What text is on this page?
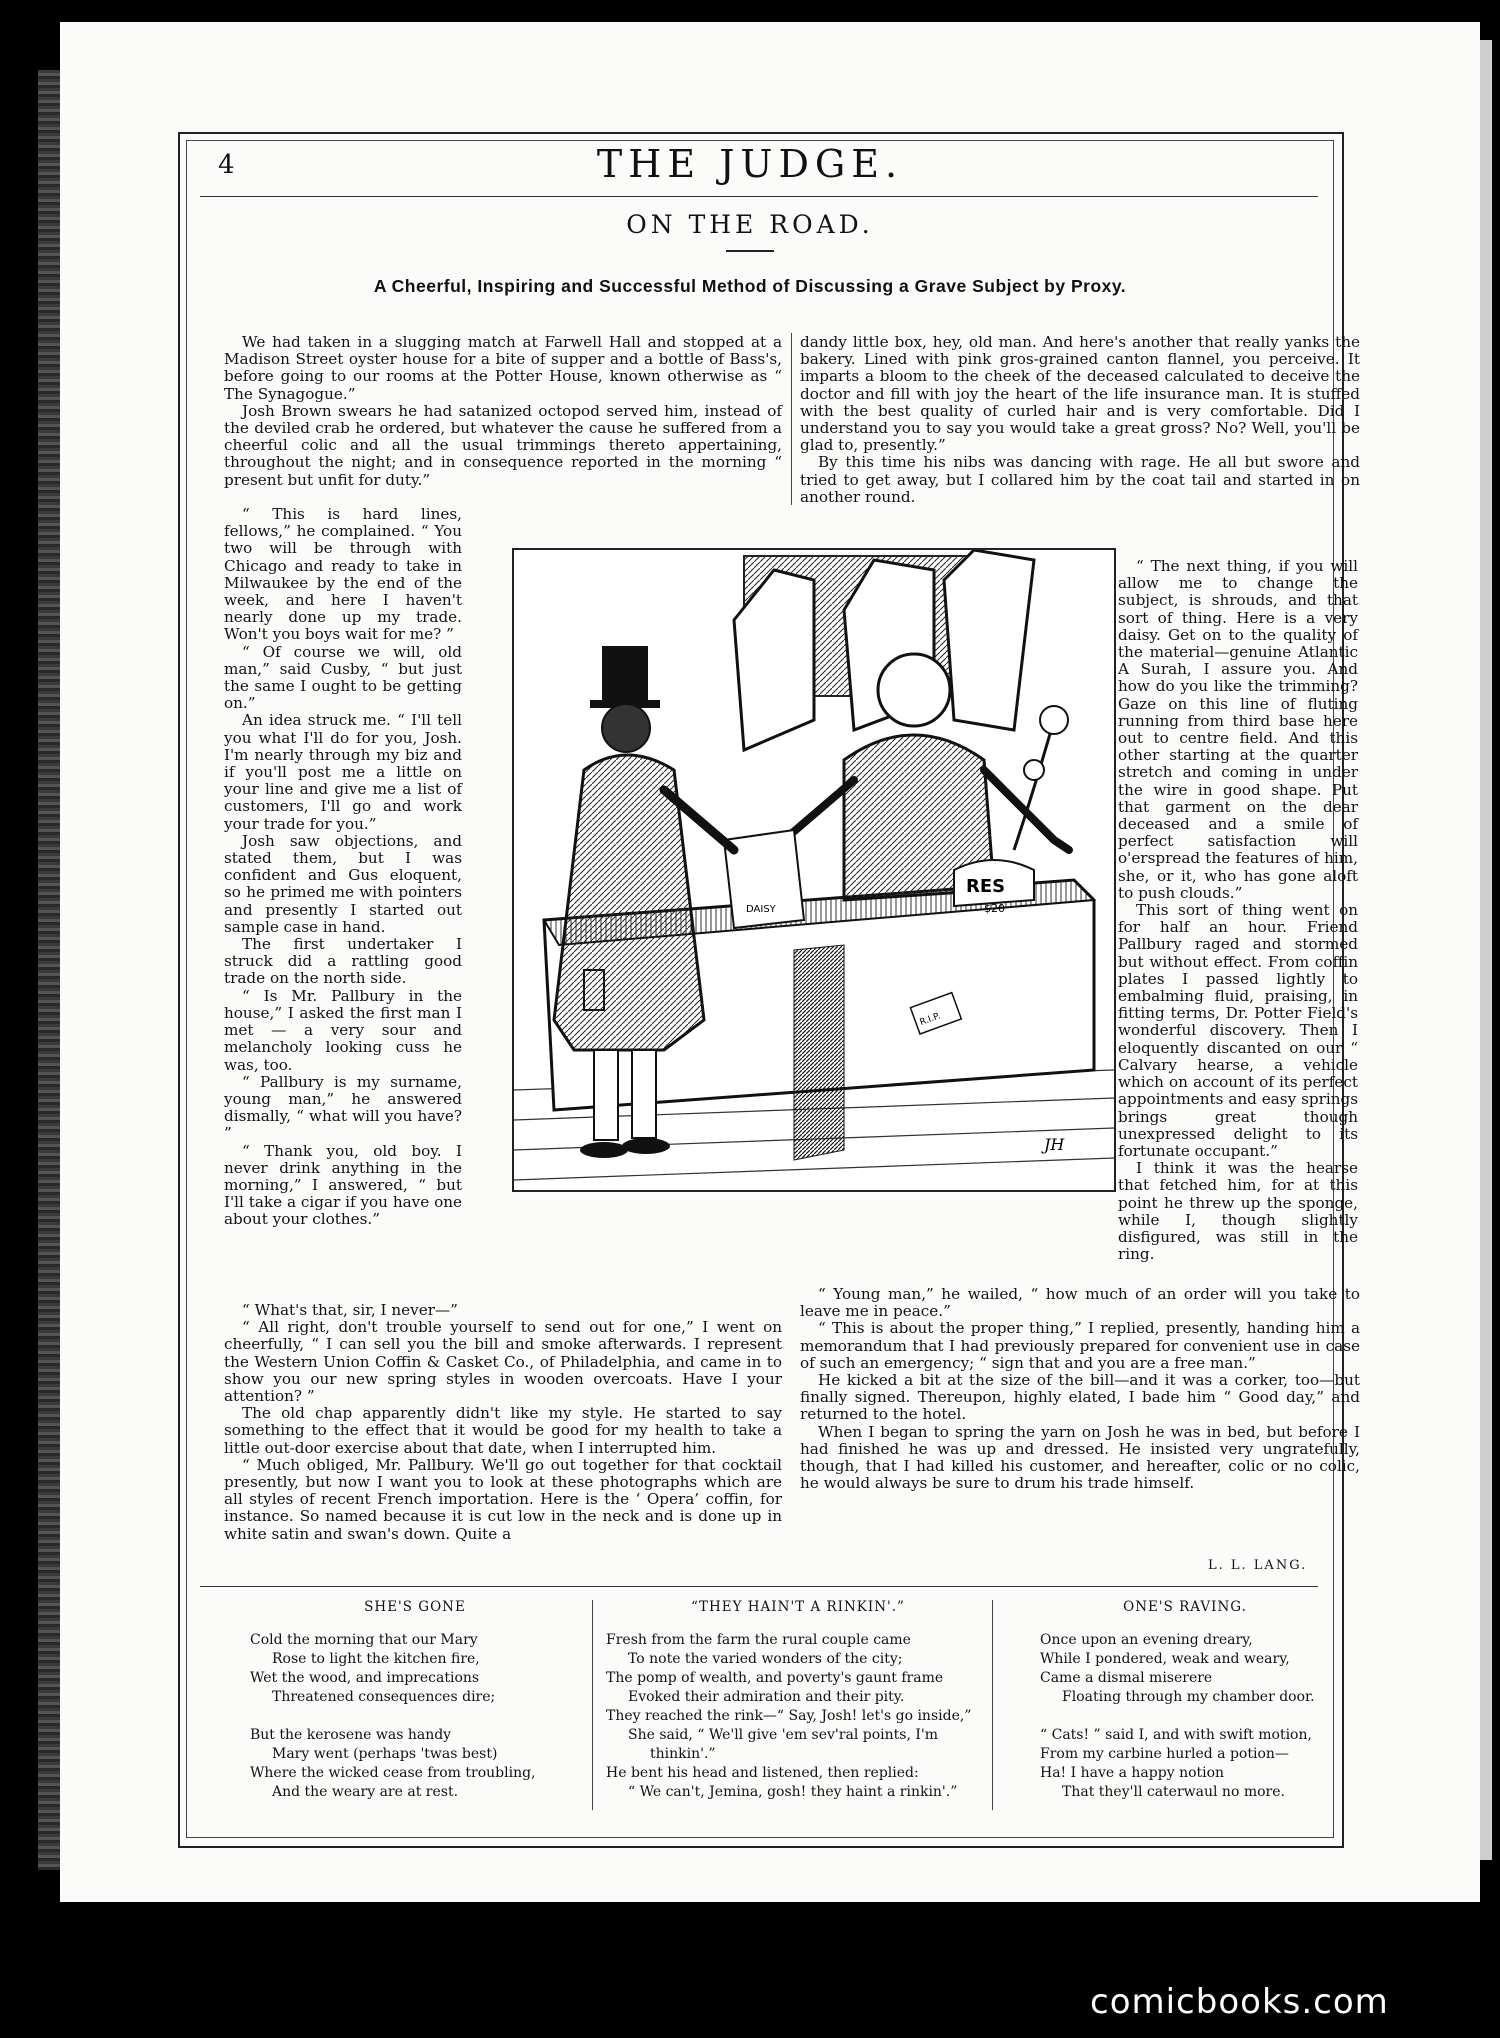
4	THE JUDGE.
ON THE ROAD.
A Cheerful, Inspiring and Successful Method of Discussing a Grave Subject by Proxy.

We had taken in a slugging match at Farwell Hall and stopped at a Madison Street oyster house for a bite of supper and a bottle of Bass's, before going to our rooms at the Potter House, known otherwise as “ The Synagogue.”

Josh Brown swears he had satanized octopod served him, instead of the deviled crab he ordered, but whatever the cause he suffered from a cheerful colic and all the usual trimmings thereto appertaining, throughout the night; and in consequence reported in the morning “ present but unfit for duty.”

dandy little box, hey, old man. And here's another that really yanks the bakery. Lined with pink gros-grained canton flannel, you perceive. It imparts a bloom to the cheek of the deceased calculated to deceive the doctor and fill with joy the heart of the life insurance man. It is stuffed with the best quality of curled hair and is very comfortable. Did I understand you to say you would take a great gross? No? Well, you'll be glad to, presently.”

By this time his nibs was dancing with rage. He all but swore and tried to get away, but I collared him by the coat tail and started in on another round.

“ This is hard lines, fellows,” he complained. “ You two will be through with Chicago and ready to take in Milwaukee by the end of the week, and here I haven't nearly done up my trade. Won't you boys wait for me? ”

“ Of course we will, old man,” said Cusby, “ but just the same I ought to be getting on.”

An idea struck me. “ I'll tell you what I'll do for you, Josh. I'm nearly through my biz and if you'll post me a little on your line and give me a list of customers, I'll go and work your trade for you.”

Josh saw objections, and stated them, but I was confident and Gus eloquent, so he primed me with pointers and presently I started out sample case in hand.

The first undertaker I struck did a rattling good trade on the north side.

“ Is Mr. Pallbury in the house,” I asked the first man I met — a very sour and melancholy looking cuss he was, too.

“ Pallbury is my surname, young man,” he answered dismally, “ what will you have? ”

“ Thank you, old boy. I never drink anything in the morning,” I answered, “ but I'll take a cigar if you have one about your clothes.”

“ The next thing, if you will allow me to change the subject, is shrouds, and that sort of thing. Here is a very daisy. Get on to the quality of the material—genuine Atlantic A Surah, I assure you. And how do you like the trimming? Gaze on this line of fluting running from third base here out to centre field. And this other starting at the quarter stretch and coming in under the wire in good shape. Put that garment on the dear deceased and a smile of perfect satisfaction will o'erspread the features of him, she, or it, who has gone aloft to push clouds.”

This sort of thing went on for half an hour. Friend Pallbury raged and stormed but without effect. From coffin plates I passed lightly to embalming fluid, praising, in fitting terms, Dr. Potter Field's wonderful discovery. Then I eloquently discanted on our “ Calvary hearse, a vehicle which on account of its perfect appointments and easy springs brings great though unexpressed delight to its fortunate occupant.”

I think it was the hearse that fetched him, for at this point he threw up the sponge, while I, though slightly disfigured, was still in the ring.

RES
$20
DAISY
R.I.P.
JH

“ What's that, sir, I never—”

“ All right, don't trouble yourself to send out for one,” I went on cheerfully, “ I can sell you the bill and smoke afterwards. I represent the Western Union Coffin & Casket Co., of Philadelphia, and came in to show you our new spring styles in wooden overcoats. Have I your attention? ”

The old chap apparently didn't like my style. He started to say something to the effect that it would be good for my health to take a little out-door exercise about that date, when I interrupted him.

“ Much obliged, Mr. Pallbury. We'll go out together for that cocktail presently, but now I want you to look at these photographs which are all styles of recent French importation. Here is the ‘ Opera’ coffin, for instance. So named because it is cut low in the neck and is done up in white satin and swan's down. Quite a

“ Young man,” he wailed, “ how much of an order will you take to leave me in peace.”

“ This is about the proper thing,” I replied, presently, handing him a memorandum that I had previously prepared for convenient use in case of such an emergency; “ sign that and you are a free man.”

He kicked a bit at the size of the bill—and it was a corker, too—but finally signed. Thereupon, highly elated, I bade him “ Good day,” and returned to the hotel.

When I began to spring the yarn on Josh he was in bed, but before I had finished he was up and dressed. He insisted very ungratefully, though, that I had killed his customer, and hereafter, colic or no colic, he would always be sure to drum his trade himself.

L. L. LANG.
SHE'S GONE
Cold the morning that our Mary
Rose to light the kitchen fire,
Wet the wood, and imprecations
Threatened consequences dire;
But the kerosene was handy
Mary went (perhaps 'twas best)
Where the wicked cease from troubling,
And the weary are at rest.
“THEY HAIN'T A RINKIN'.”
Fresh from the farm the rural couple came
To note the varied wonders of the city;
The pomp of wealth, and poverty's gaunt frame
Evoked their admiration and their pity.
They reached the rink—“ Say, Josh! let's go inside,”
She said, “ We'll give 'em sev'ral points, I'm
thinkin'.”
He bent his head and listened, then replied:
“ We can't, Jemina, gosh! they haint a rinkin'.”
ONE'S RAVING.
Once upon an evening dreary,
While I pondered, weak and weary,
Came a dismal miserere
Floating through my chamber door.
“ Cats! ” said I, and with swift motion,
From my carbine hurled a potion—
Ha! I have a happy notion
That they'll caterwaul no more.
comicbooks.com
